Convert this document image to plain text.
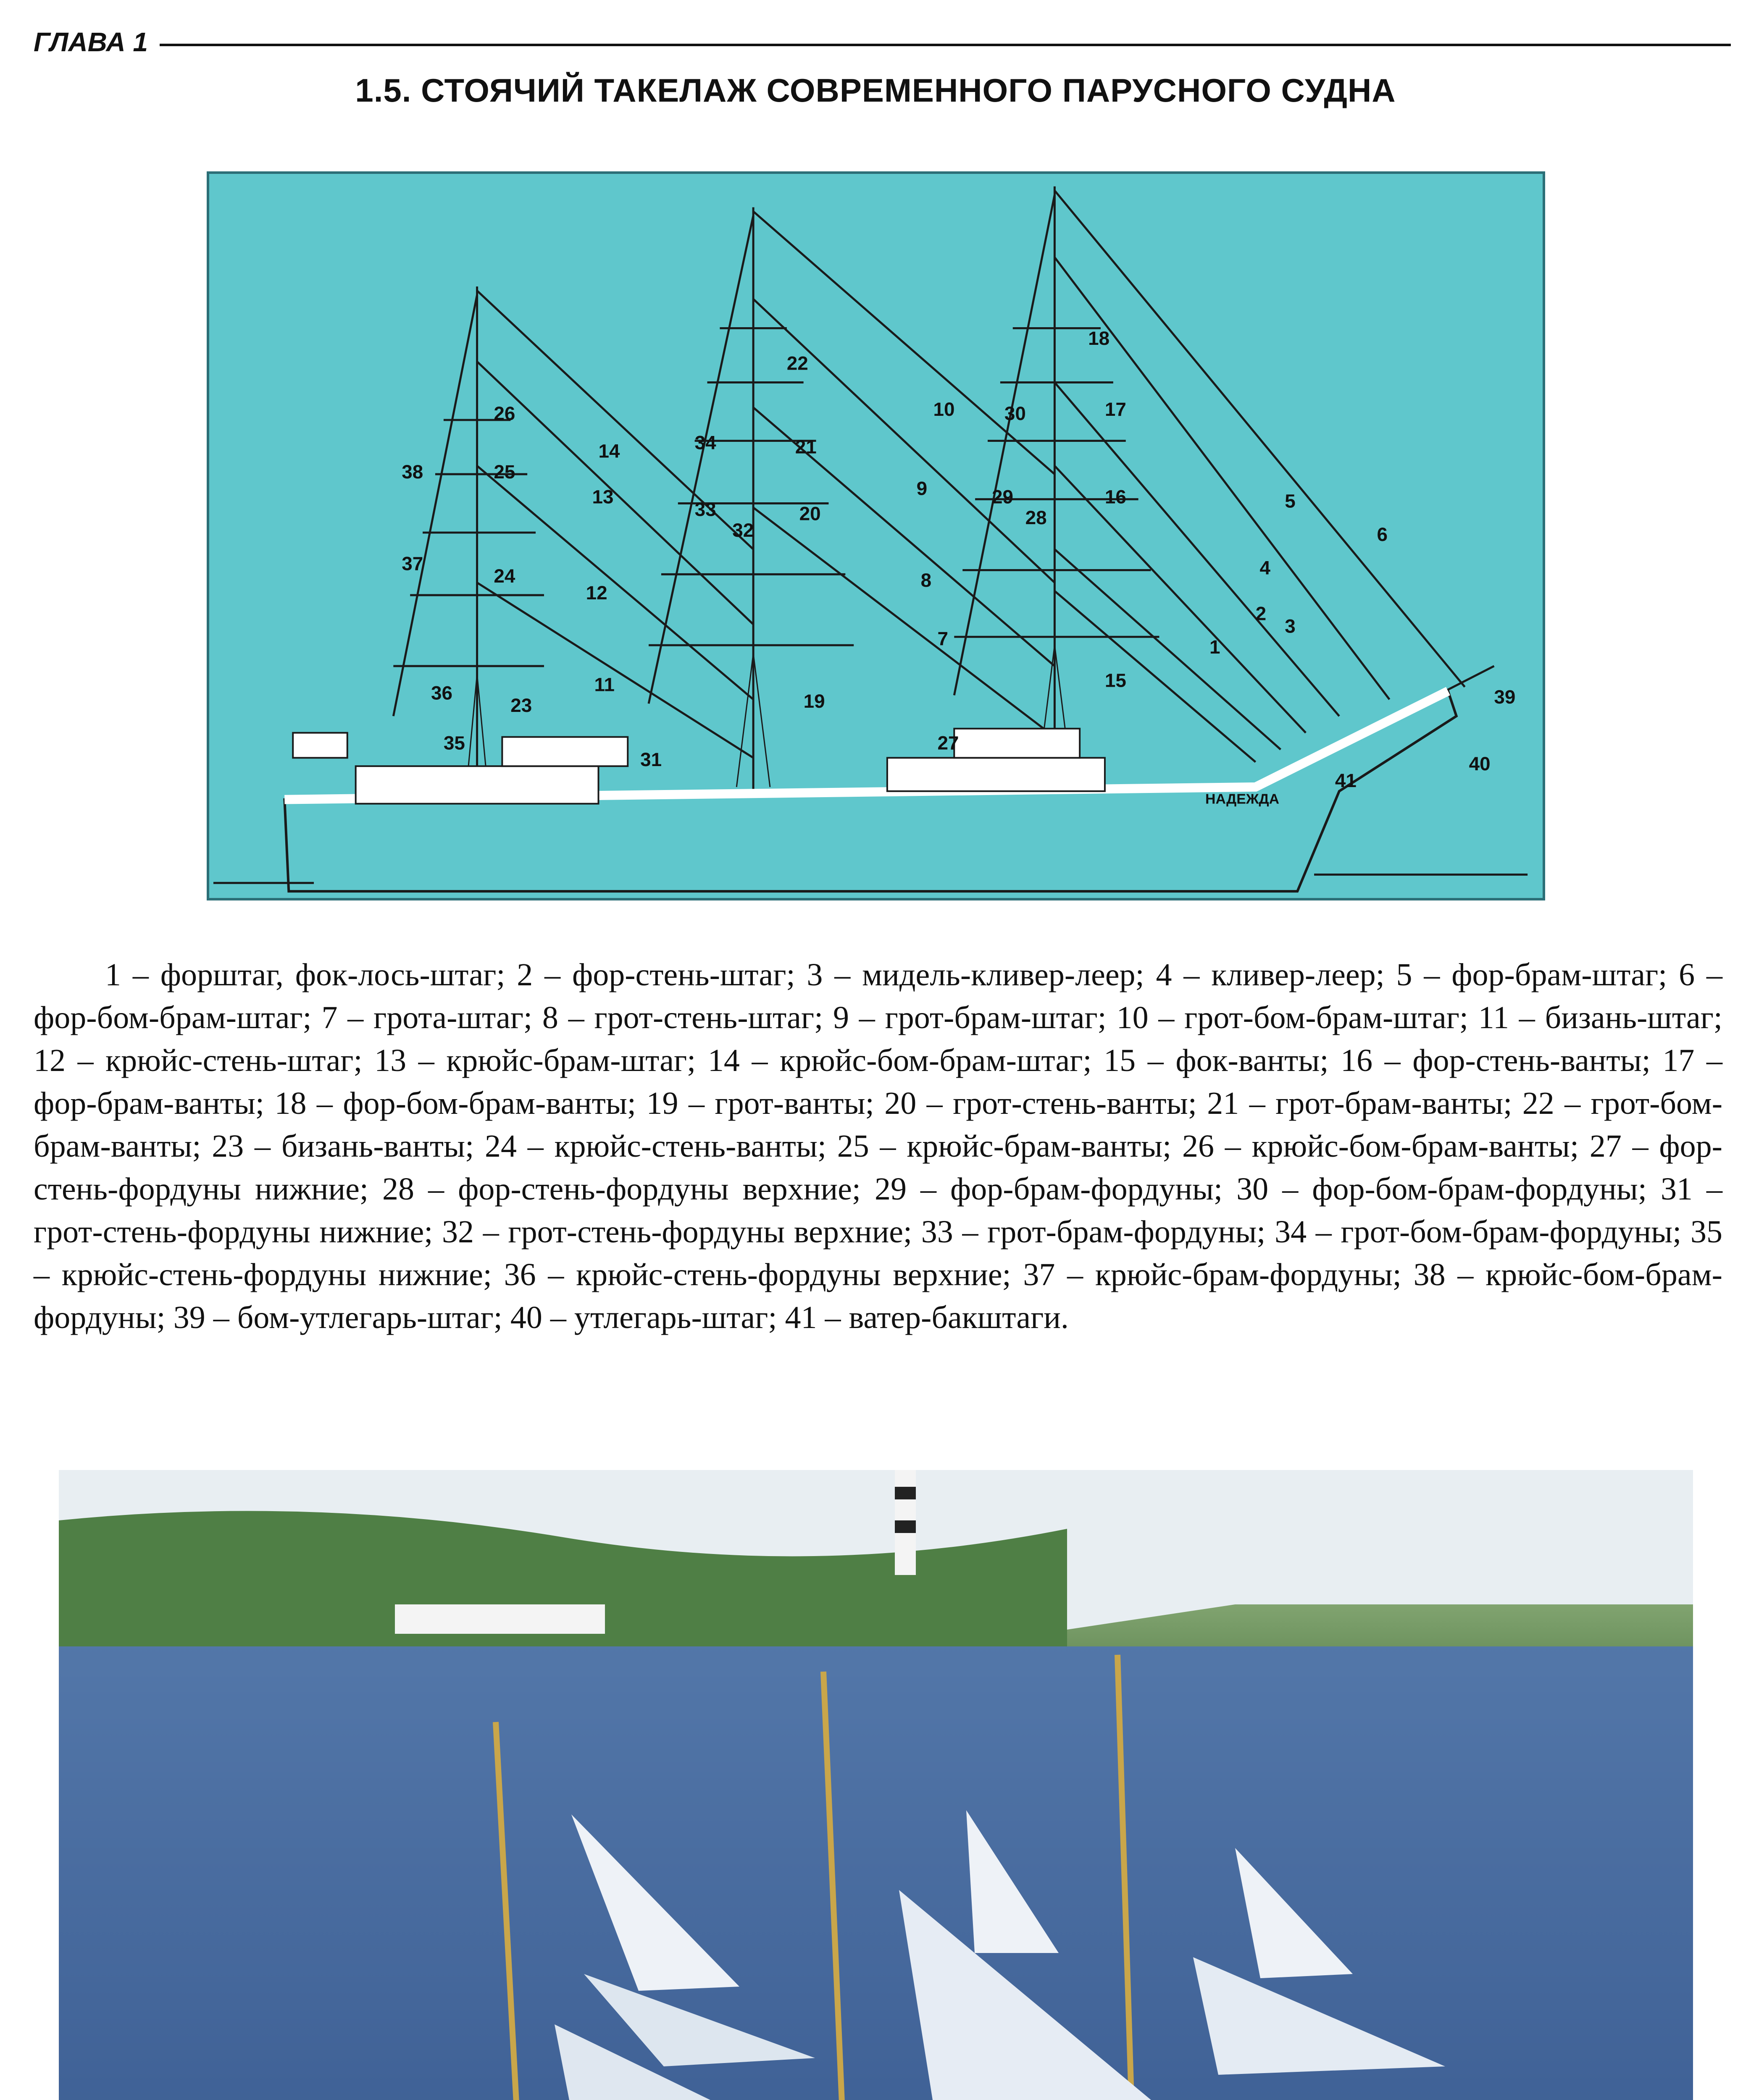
ГЛАВА 1
1.5. СТОЯЧИЙ ТАКЕЛАЖ СОВРЕМЕННОГО ПАРУСНОГО СУДНА
НАДЕЖДА
1
2
3
4
5
6
7
8
9
10
11
12
13
14
15
16
17
18
19
20
21
22
23
24
25
26
27
28
29
30
31
32
33
34
35
36
37
38
39
40
41

1 – форштаг, фок-лось-штаг; 2 – фор-стень-штаг; 3 – мидель-кливер-леер; 4 – кливер-леер; 5 – фор-брам-штаг; 6 – фор-бом-брам-штаг; 7 – грота-штаг; 8 – грот-стень-штаг; 9 – грот-брам-штаг; 10 – грот-бом-брам-штаг; 11 – бизань-штаг; 12 – крюйс-стень-штаг; 13 – крюйс-брам-штаг; 14 – крюйс-бом-брам-штаг; 15 – фок-ванты; 16 – фор-стень-ванты; 17 – фор-брам-ванты; 18 – фор-бом-брам-ванты; 19 – грот-ванты; 20 – грот-стень-ванты; 21 – грот-брам-ванты; 22 – грот-бом-брам-ванты; 23 – бизань-ванты; 24 – крюйс-стень-ванты; 25 – крюйс-брам-ванты; 26 – крюйс-бом-брам-ванты; 27 – фор-стень-фордуны нижние; 28 – фор-стень-фордуны верхние; 29 – фор-брам-фордуны; 30 – фор-бом-брам-фордуны; 31 – грот-стень-фордуны нижние; 32 – грот-стень-фордуны верхние; 33 – грот-брам-фордуны; 34 – грот-бом-брам-фордуны; 35 – крюйс-стень-фордуны нижние; 36 – крюйс-стень-фордуны верхние; 37 – крюйс-брам-фордуны; 38 – крюйс-бом-брам-фордуны; 39 – бом-утлегарь-штаг; 40 – утлегарь-штаг; 41 – ватер-бакштаги.
